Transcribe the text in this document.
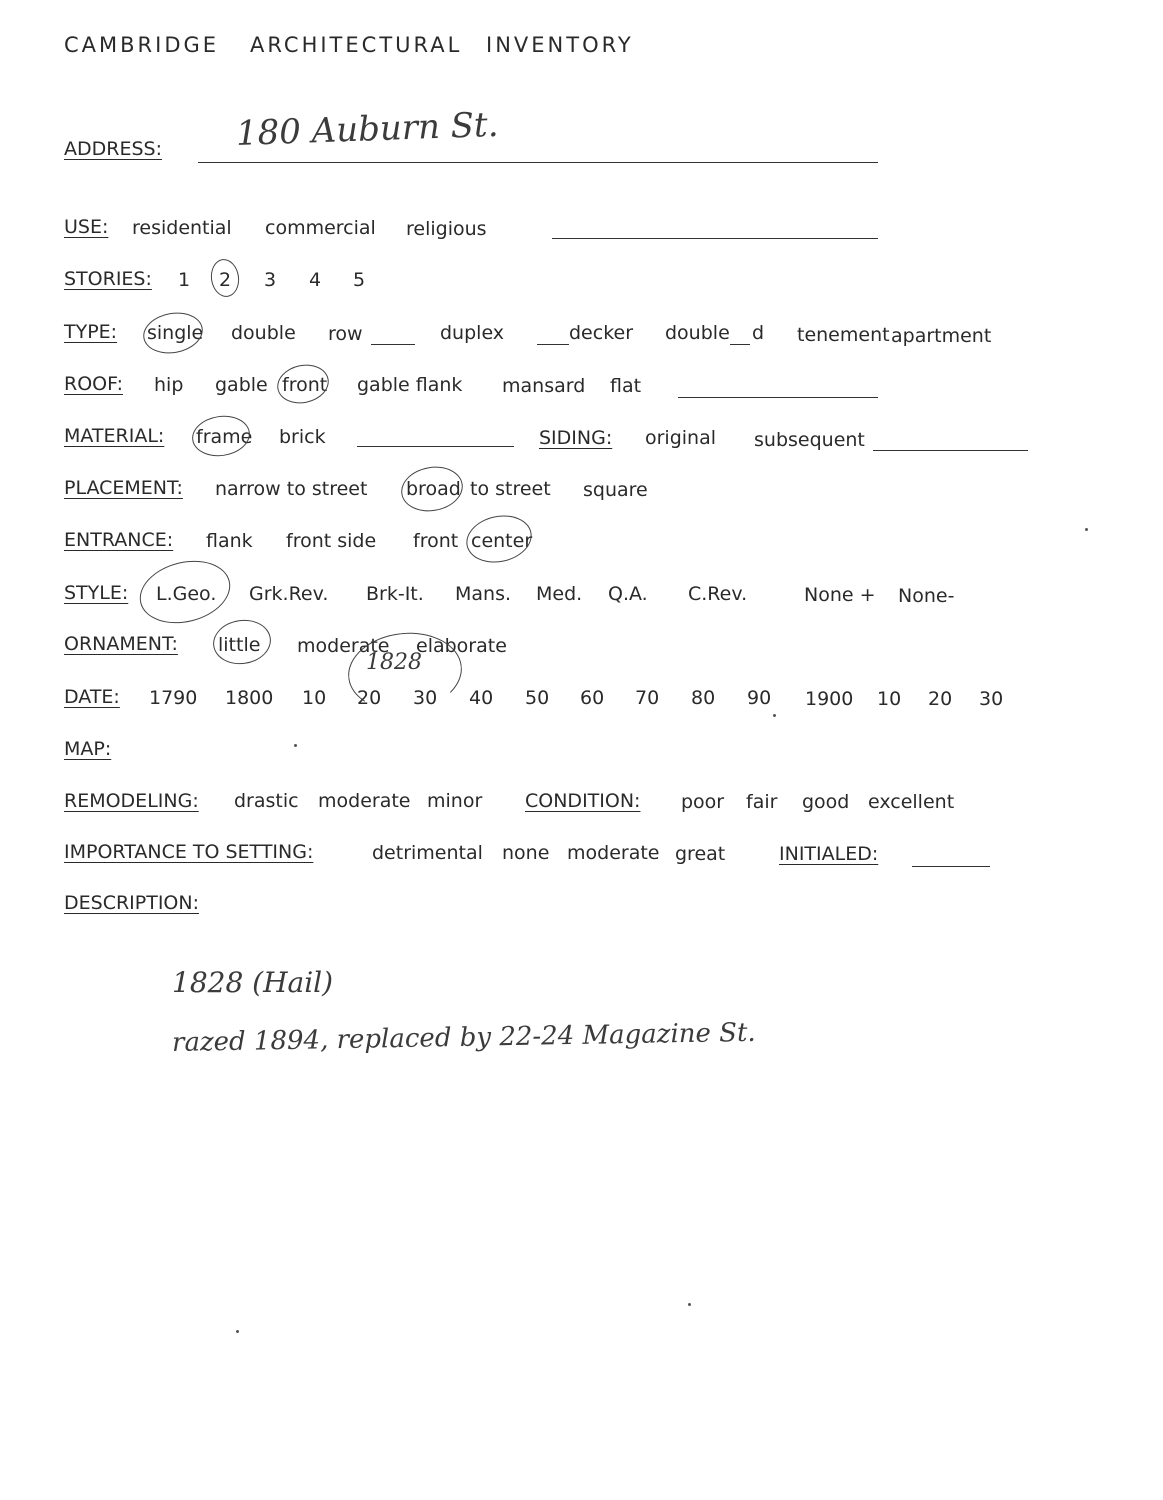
CAMBRIDGE ARCHITECTURAL INVENTORY
ADDRESS: 180 Auburn St.
USE: residential commercial religious
STORIES: 1 2 3 4 5
TYPE: single double row	duplex	decker double d tenement apartment
ROOF: hip gable front gable flank mansard flat
MATERIAL: frame brick	SIDING: original subsequent
PLACEMENT: narrow to street broad to street square
ENTRANCE: flank front side front center
STYLE: L.Geo. Grk.Rev. Brk-It. Mans. Med. Q.A. C.Rev.	None + None-
ORNAMENT: little moderate elaborate
DATE:
1828
1790 1800 10 20 30 40 50 60 70 80 90 1900 10 20 30
MAP:
REMODELING: drastic moderate minor CONDITION: poor fair good excellent
IMPORTANCE TO SETTING:	detrimental none moderate great	INITIALED:
DESCRIPTION:
1828 (Hail)
razed 1894, replaced by 22-24 Magazine St.
